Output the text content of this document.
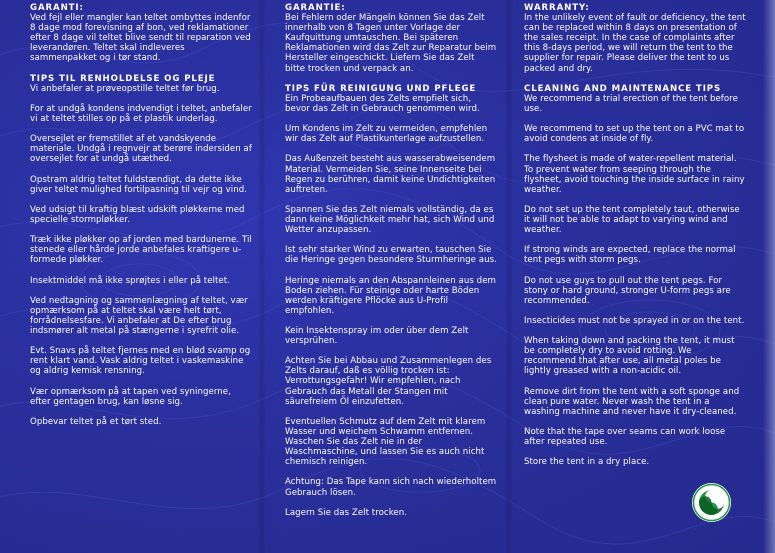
GARANTI:

Ved fejl eller mangler kan teltet ombyttes indenfor 8 dage mod forevisning af bon, ved reklamationer efter 8 dage vil teltet blive sendt til reparation ved leverandøren. Teltet skal indleveres sammenpakket og i tør stand.

TIPS TIL RENHOLDELSE OG PLEJE

Vi anbefaler at prøveopstille teltet før brug.

For at undgå kondens indvendigt i teltet, anbefaler vi at teltet stilles op på et plastik underlag.

Oversejlet er fremstillet af et vandskyende materiale. Undgå i regnvejr at berøre indersiden af oversejlet for at undgå utæthed.

Opstram aldrig teltet fuldstændigt, da dette ikke giver teltet mulighed fortilpasning til vejr og vind.

Ved udsigt til kraftig blæst udskift pløkkerne med specielle stormpløkker.

Træk ikke pløkker op af jorden med bardunerne. Til stenede eller hårde jorde anbefales kraftigere u-formede pløkker.

Insektmiddel må ikke sprøjtes i eller på teltet.

Ved nedtagning og sammenlægning af teltet, vær opmærksom på at teltet skal være helt tørt, forrådnelsesfare. Vi anbefaler at De efter brug indsmører alt metal på stængerne i syrefrit olie.

Evt. Snavs på teltet fjernes med en blød svamp og rent klart vand. Vask aldrig teltet i vaskemaskine og aldrig kemisk rensning.

Vær opmærksom på at tapen ved syningerne, efter gentagen brug, kan løsne sig.

Opbevar teltet på et tørt sted.

GARANTIE:

Bei Fehlern oder Mängeln können Sie das Zelt innerhalb von 8 Tagen unter Vorlage der Kaufquittung umtauschen. Bei späteren Reklamationen wird das Zelt zur Reparatur beim Hersteller eingeschickt. Liefern Sie das Zelt bitte trocken und verpack an.

TIPS FÜR REINIGUNG UND PFLEGE

Ein Probeaufbauen des Zelts empfielt sich, bevor das Zelt in Gebrauch genommen wird.

Um Kondens im Zelt zu vermeiden, empfehlen wir das Zelt auf Plastikunterlage aufzustellen.

Das Außenzeit besteht aus wasserabweisendem Material. Vermeiden Sie, seine Innenseite bei Regen zu berühren, damit keine Undichtigkeiten auftreten.

Spannen Sie das Zelt niemals vollständig, da es dann keine Möglichkeit mehr hat, sich Wind und Wetter anzupassen.

Ist sehr starker Wind zu erwarten, tauschen Sie die Heringe gegen besondere Sturmheringe aus.

Heringe niemals an den Abspannleinen aus dem Boden ziehen. Für steinige oder harte Böden werden kräftigere Pflöcke aus U-Profil empfohlen.

Kein Insektenspray im oder über dem Zelt versprühen.

Achten Sie bei Abbau und Zusammenlegen des Zelts darauf, daß es völlig trocken ist: Verrottungsgefahr! Wir empfehlen, nach Gebrauch das Metall der Stangen mit säurefreiem Öl einzufetten.

Eventuellen Schmutz auf dem Zelt mit klarem Wasser und weichem Schwamm entfernen. Waschen Sie das Zelt nie in der Waschmaschine, und lassen Sie es auch nicht chemisch reinigen.

Achtung: Das Tape kann sich nach wiederholtem Gebrauch lösen.

Lagern Sie das Zelt trocken.

WARRANTY:

In the unlikely event of fault or deficiency, the tent can be replaced within 8 days on presentation of the sales receipt. In the case of complaints after this 8-days period, we will return the tent to the supplier for repair. Please deliver the tent to us packed and dry.

CLEANING AND MAINTENANCE TIPS

We recommend a trial erection of the tent before use.

We recommend to set up the tent on a PVC mat to avoid condens at inside of fly.

The flysheet is made of water-repellent material. To prevent water from seeping through the flysheet, avoid touching the inside surface in rainy weather.

Do not set up the tent completely taut, otherwise it will not be able to adapt to varying wind and weather.

If strong winds are expected, replace the normal tent pegs with storm pegs.

Do not use guys to pull out the tent pegs. For stony or hard ground, stronger U-form pegs are recommended.

Insecticides must not be sprayed in or on the tent.

When taking down and packing the tent, it must be completely dry to avoid rotting. We recommend that after use, all metal poles be lightly greased with a non-acidic oil.

Remove dirt from the tent with a soft sponge and clean pure water. Never wash the tent in a washing machine and never have it dry-cleaned.

Note that the tape over seams can work loose after repeated use.

Store the tent in a dry place.
